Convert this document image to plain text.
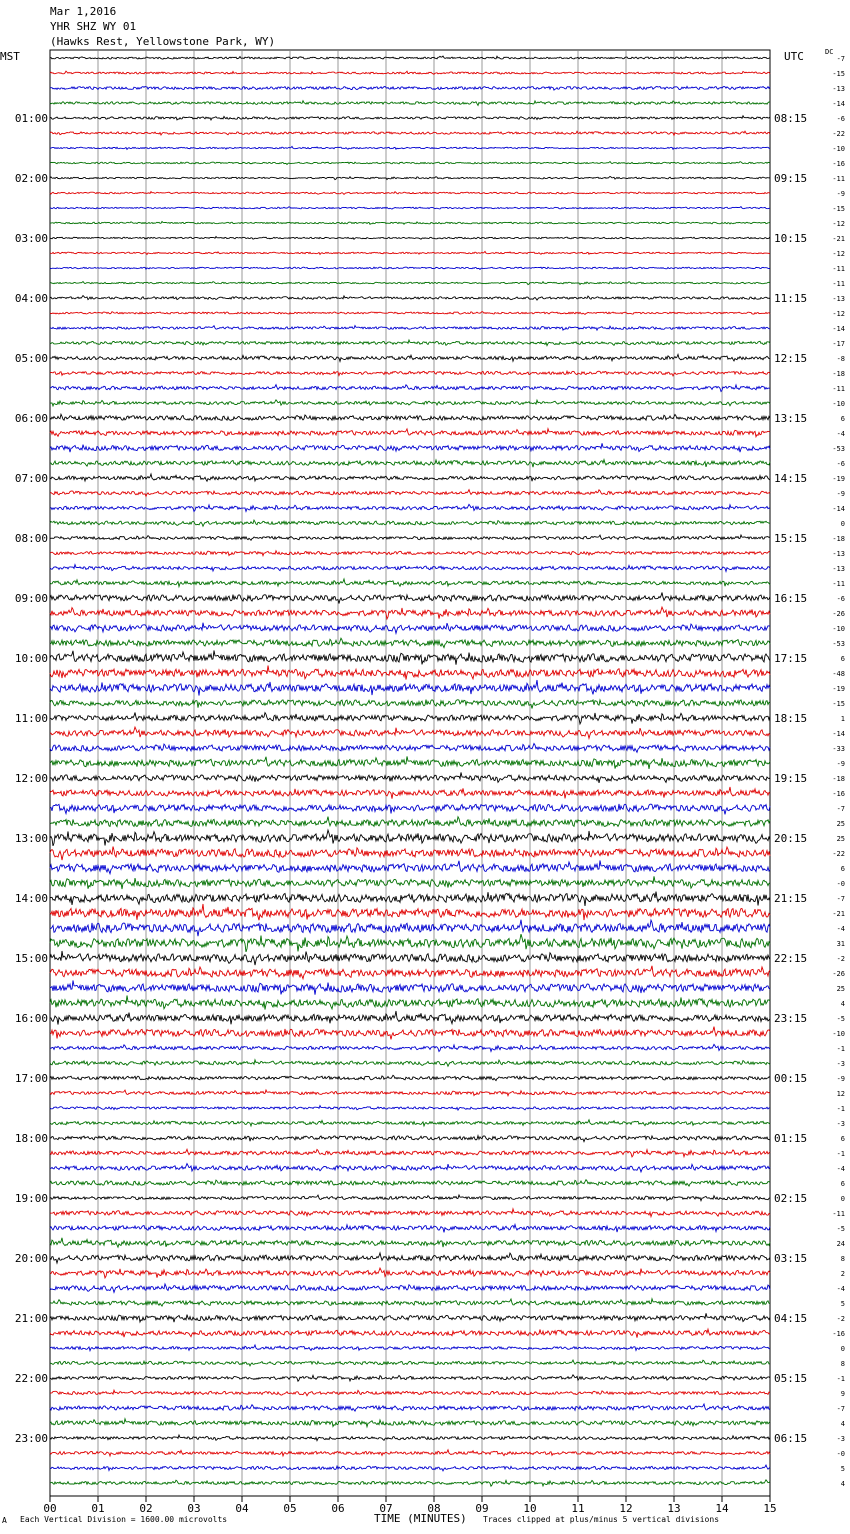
Mar 1,2016
YHR SHZ WY 01
(Hawks Rest, Yellowstone Park, WY)
MST	UTC	DC
01:00
02:00
03:00
04:00
05:00
06:00
07:00
08:00
09:00
10:00
11:00
12:00
13:00
14:00
15:00
16:00
17:00
18:00
19:00
20:00
21:00
22:00
23:00
08:15
09:15
10:15
11:15
12:15
13:15
14:15
15:15
16:15
17:15
18:15
19:15
20:15
21:15
22:15
23:15
00:15
01:15
02:15
03:15
04:15
05:15
06:15
-7
-15
-13
-14
-6
-22
-10
-16
-11
-9
-15
-12
-21
-12
-11
-11
-13
-12
-14
-17
-8
-18
-11
-10
6
-4
-53
-6
-19
-9
-14
0
-18
-13
-13
-11
-6
-26
-10
-53
6
-48
-19
-15
1
-14
-33
-9
-18
-16
-7
25
25
-22
6
-0
-7
-21
-4
31
-2
-26
25
4
-5
-10
-1
-3
-9
12
-1
-3
6
-1
-4
6
0
-11
-5
24
8
2
-4
5
-2
-16
0
8
-1
9
-7
4
-3
-0
5
4
00	01	02	03	04	05	06	07	08	09	10	11	12	13	14	15
A Each Vertical Division = 1600.00 microvolts	TIME (MINUTES) Traces clipped at plus/minus 5 vertical divisions
